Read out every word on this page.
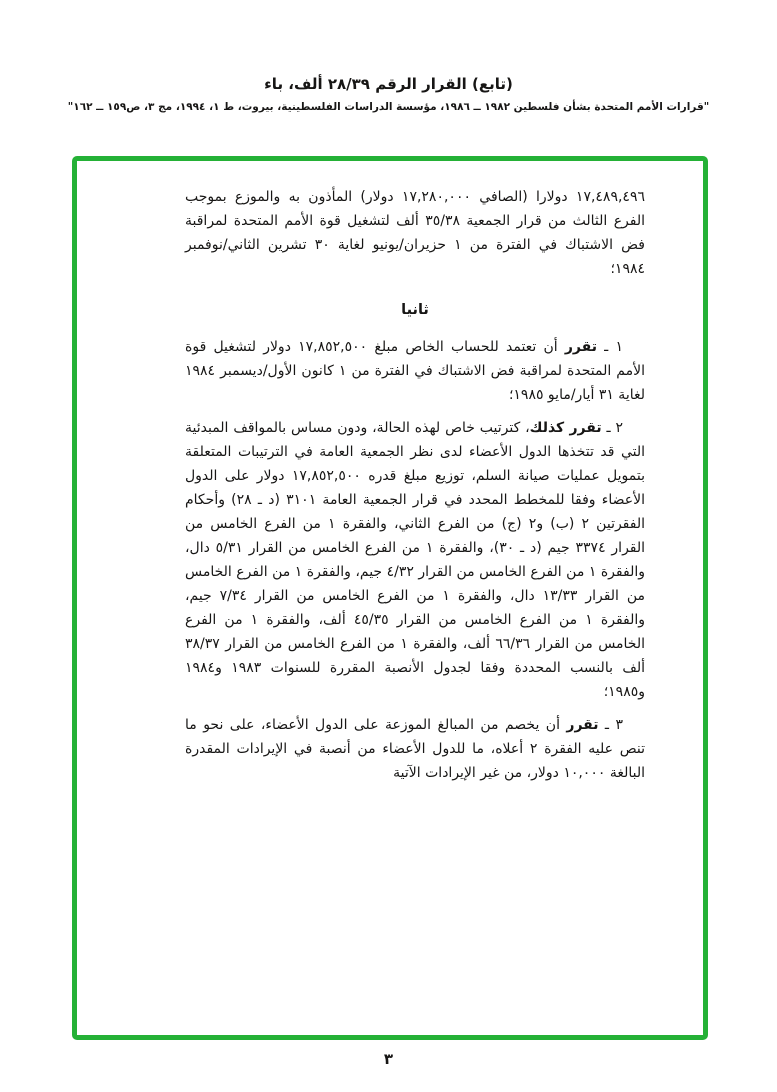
(تابع) القرار الرقم ٢٨/٣٩ ألف، باء
"قرارات الأمم المتحدة بشأن فلسطين ١٩٨٢ ــ ١٩٨٦، مؤسسة الدراسات الفلسطينية، بيروت، ط ١، ١٩٩٤، مج ٣، ص١٥٩ ــ ١٦٢"

١٧,٤٨٩,٤٩٦ دولارا (الصافي ١٧,٢٨٠,٠٠٠ دولار) المأذون به والموزع بموجب الفرع الثالث من قرار الجمعية ٣٥/٣٨ ألف لتشغيل قوة الأمم المتحدة لمراقبة فض الاشتباك في الفترة من ١ حزيران/يونيو لغاية ٣٠ تشرين الثاني/نوفمبر ١٩٨٤؛

ثانيا

١ ـ تقرر أن تعتمد للحساب الخاص مبلغ ١٧,٨٥٢,٥٠٠ دولار لتشغيل قوة الأمم المتحدة لمراقبة فض الاشتباك في الفترة من ١ كانون الأول/ديسمبر ١٩٨٤ لغاية ٣١ أيار/مايو ١٩٨٥؛

٢ ـ تقرر كذلك، كترتيب خاص لهذه الحالة، ودون مساس بالمواقف المبدئية التي قد تتخذها الدول الأعضاء لدى نظر الجمعية العامة في الترتيبات المتعلقة بتمويل عمليات صيانة السلم، توزيع مبلغ قدره ١٧,٨٥٢,٥٠٠ دولار على الدول الأعضاء وفقا للمخطط المحدد في قرار الجمعية العامة ٣١٠١ (د ـ ٢٨) وأحكام الفقرتين ٢ (ب) و٢ (ج) من الفرع الثاني، والفقرة ١ من الفرع الخامس من القرار ٣٣٧٤ جيم (د ـ ٣٠)، والفقرة ١ من الفرع الخامس من القرار ٥/٣١ دال، والفقرة ١ من الفرع الخامس من القرار ٤/٣٢ جيم، والفقرة ١ من الفرع الخامس من القرار ١٣/٣٣ دال، والفقرة ١ من الفرع الخامس من القرار ٧/٣٤ جيم، والفقرة ١ من الفرع الخامس من القرار ٤٥/٣٥ ألف، والفقرة ١ من الفرع الخامس من القرار ٦٦/٣٦ ألف، والفقرة ١ من الفرع الخامس من القرار ٣٨/٣٧ ألف بالنسب المحددة وفقا لجدول الأنصبة المقررة للسنوات ١٩٨٣ و١٩٨٤ و١٩٨٥؛

٣ ـ تقرر أن يخصم من المبالغ الموزعة على الدول الأعضاء، على نحو ما تنص عليه الفقرة ٢ أعلاه، ما للدول الأعضاء من أنصبة في الإيرادات المقدرة البالغة ١٠,٠٠٠ دولار، من غير الإيرادات الآتية

٣
